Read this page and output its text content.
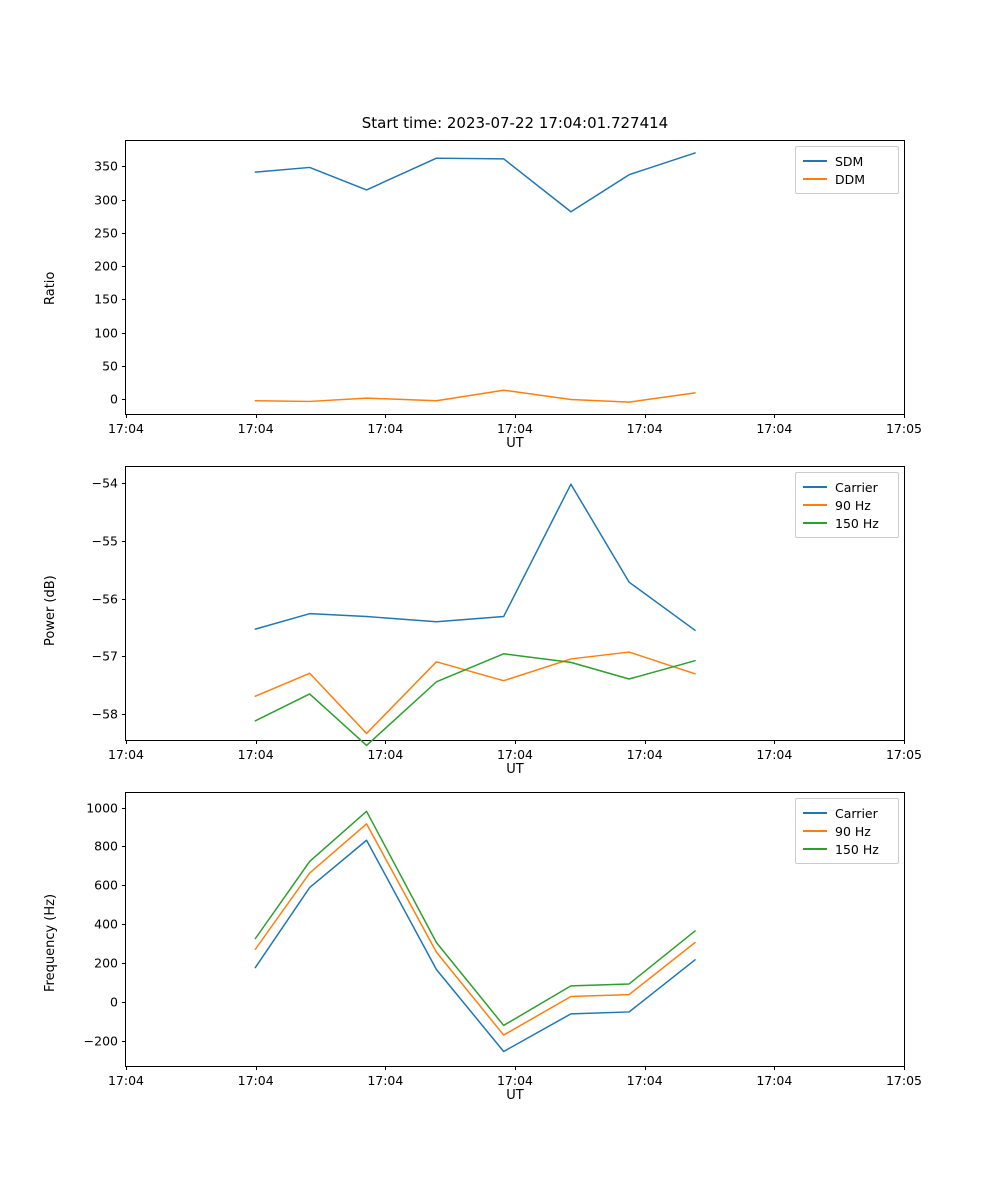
Start time: 2023-07-22 17:04:01.727414
17:04	17:04	17:04	17:04	17:04	17:04	17:05
0
50
100
150
200
250
300
350	SDM
DDM
UT
Ratio
17:04	17:04	17:04	17:04	17:04	17:04	17:05
−54
−55
−56
−57
−58
Carrier
90 Hz
150 Hz
UT
Power (dB)
17:04	17:04	17:04	17:04	17:04	17:04	17:05
−200
0
200
400
600
800
1000	Carrier
90 Hz
150 Hz
UT
Frequency (Hz)
